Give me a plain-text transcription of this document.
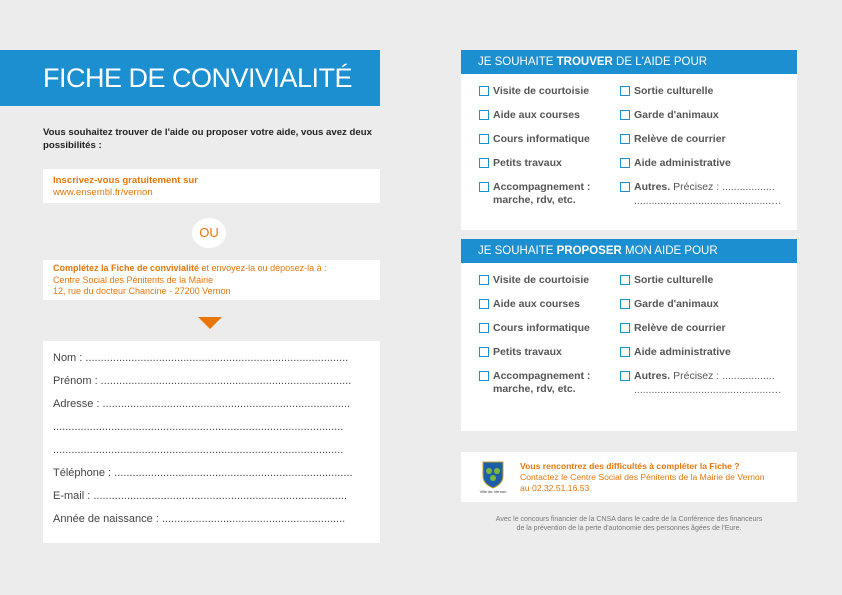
FICHE DE CONVIVIALITÉ
Vous souhaitez trouver de l'aide ou proposer votre aide, vous avez deux possibilités :
Inscrivez-vous gratuitement sur
www.ensembl.fr/vernon
OU
Complétez la Fiche de convivialité et envoyez-la ou déposez-la à :
Centre Social des Pénitents de la Mairie
12, rue du docteur Chancine - 27200 Vernon
Nom : ......................................................................................
Prénom : ..................................................................................
Adresse : .................................................................................
...............................................................................................
...............................................................................................
Téléphone : ..............................................................................
E-mail : ...................................................................................
Année de naissance : ............................................................
JE SOUHAITE TROUVER DE L'AIDE POUR
Visite de courtoisie
Aide aux courses
Cours informatique
Petits travaux
Accompagnement :
marche, rdv, etc.
Sortie culturelle
Garde d'animaux
Relève de courrier
Aide administrative
Autres. Précisez : ..................
...............................................…
JE SOUHAITE PROPOSER MON AIDE POUR
Visite de courtoisie
Aide aux courses
Cours informatique
Petits travaux
Accompagnement :
marche, rdv, etc.
Sortie culturelle
Garde d'animaux
Relève de courrier
Aide administrative
Autres. Précisez : ..................
...............................................…
Ville de Vernon
Vous rencontrez des difficultés à compléter la Fiche ?
Contactez le Centre Social des Pénitents de la Mairie de Vernon
au 02.32.51.16.53
Avec le concours financier de la CNSA dans le cadre de la Conférence des financeurs
de la prévention de la perte d'autonomie des personnes âgées de l'Eure.
